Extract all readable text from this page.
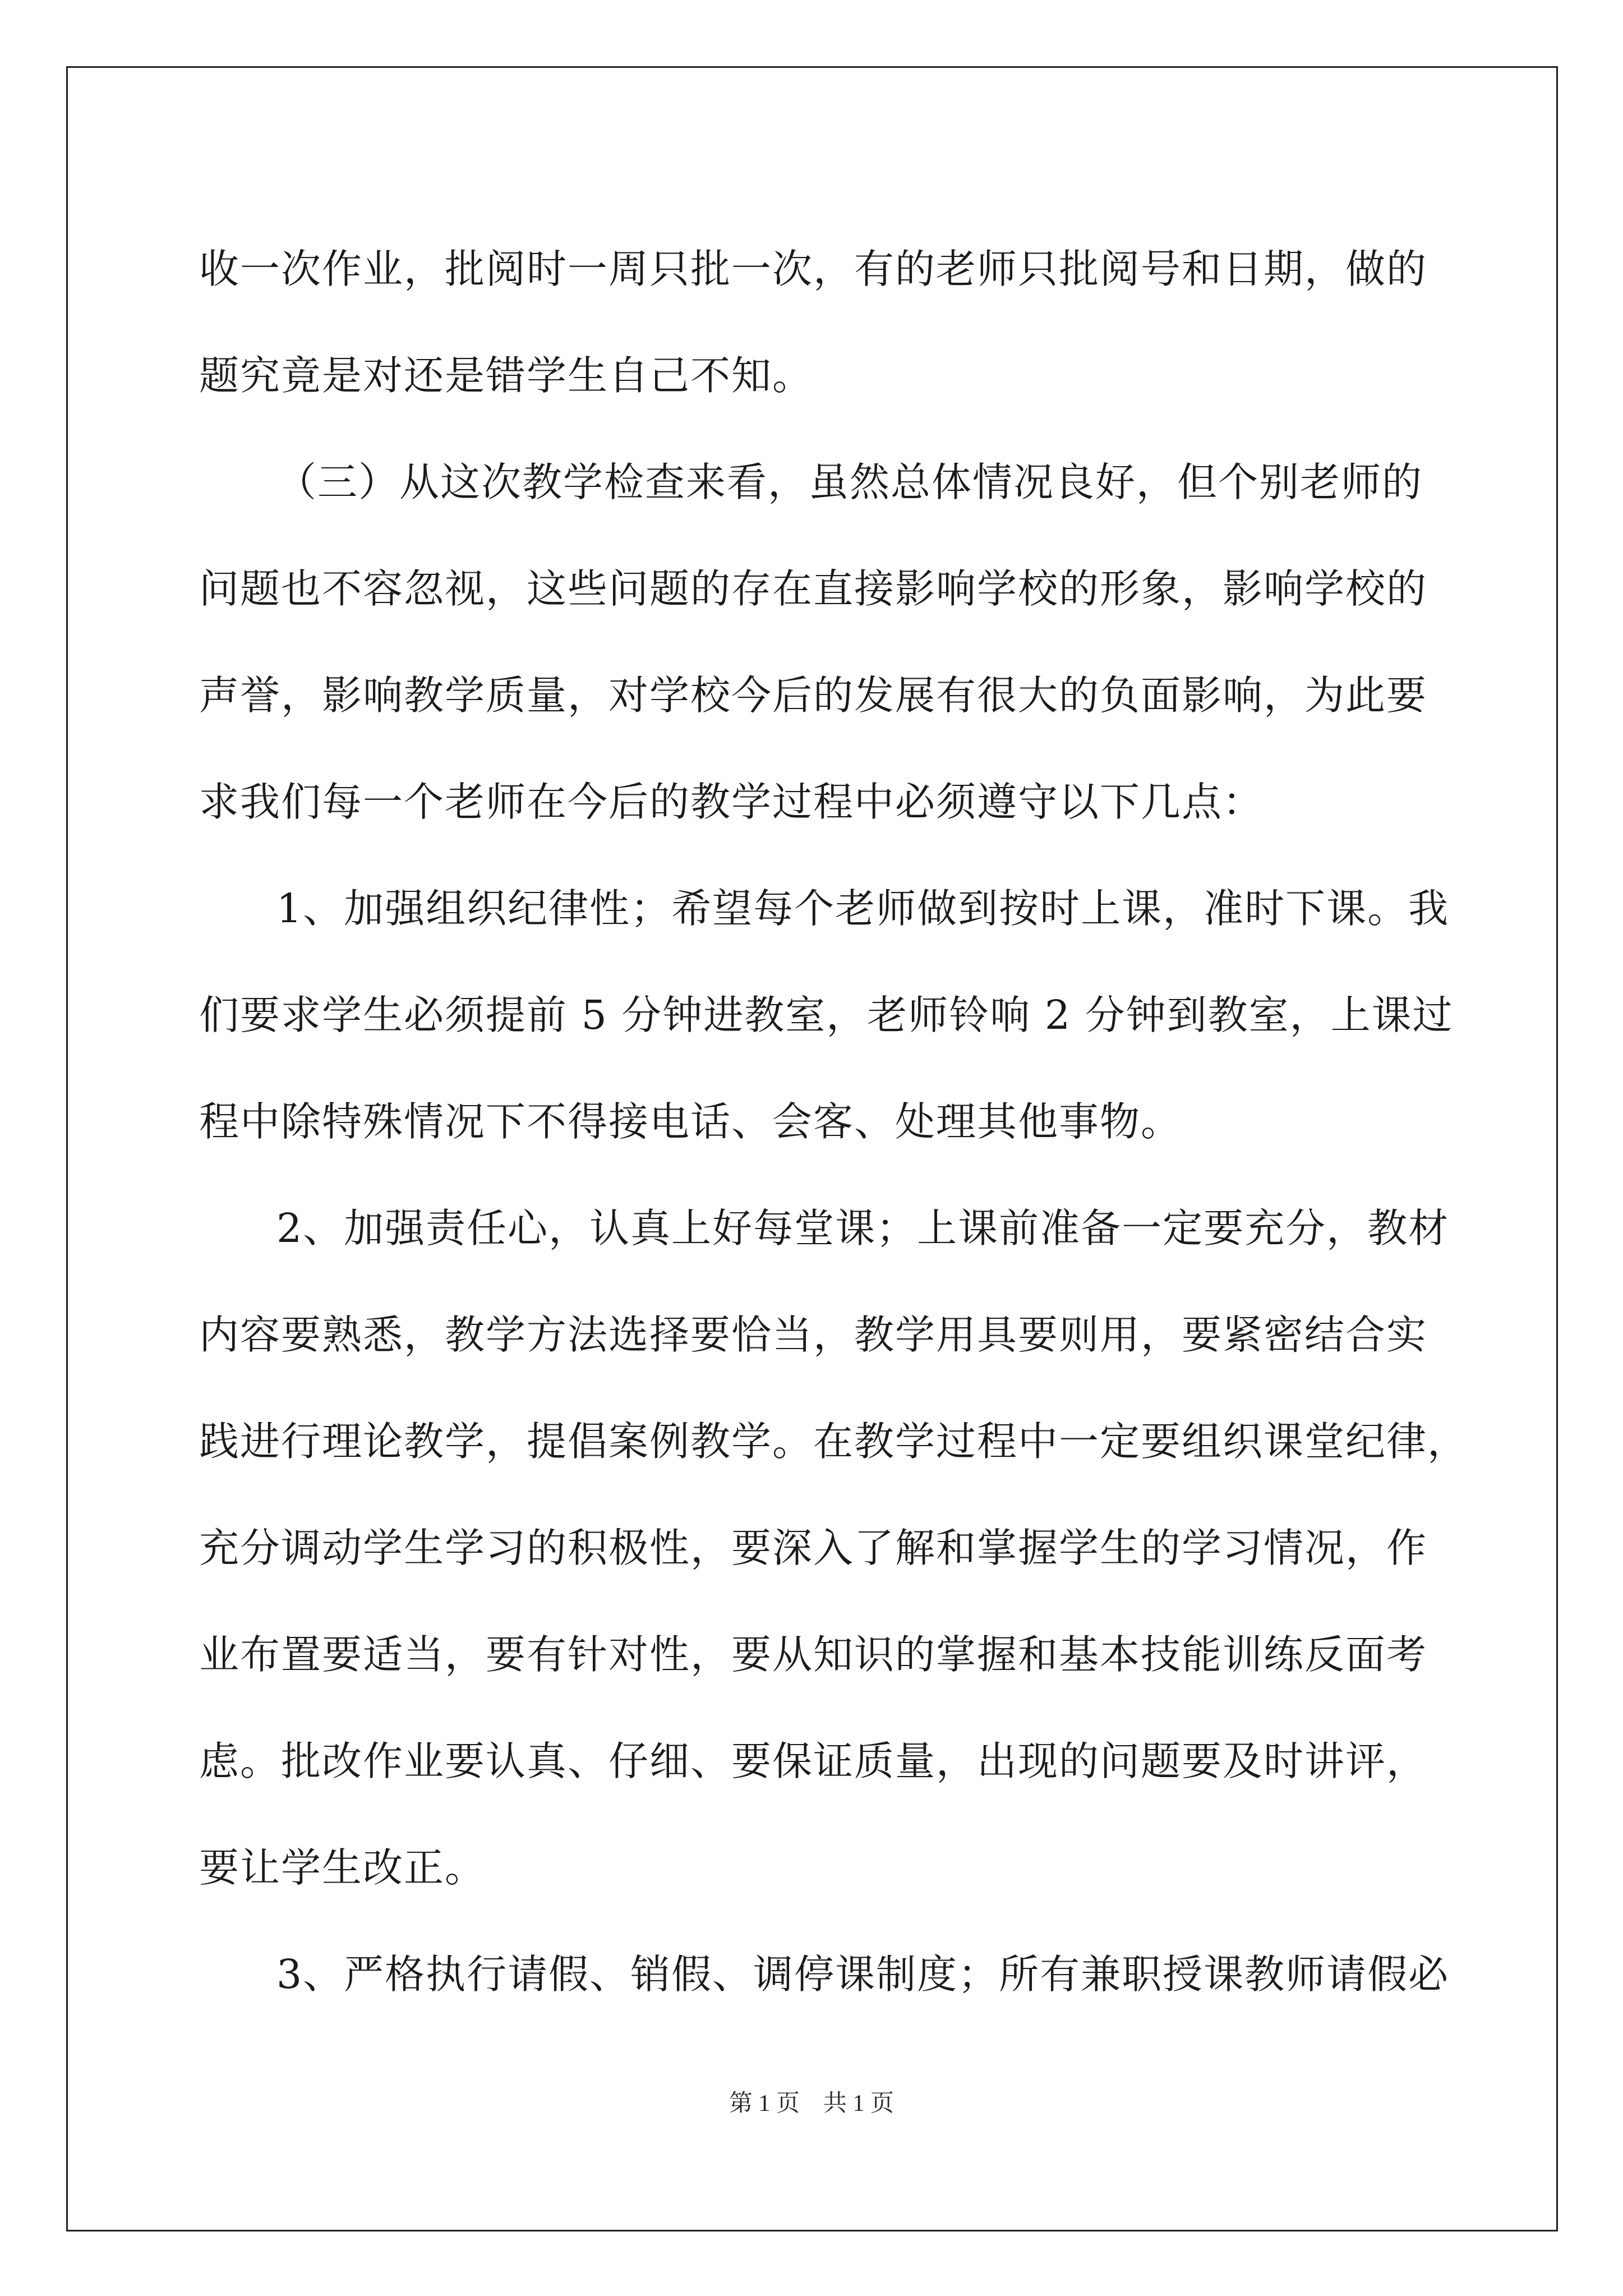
收一次作业，批阅时一周只批一次，有的老师只批阅号和日期，做的
题究竟是对还是错学生自己不知。
（三）从这次教学检查来看，虽然总体情况良好，但个别老师的
问题也不容忽视，这些问题的存在直接影响学校的形象，影响学校的
声誉，影响教学质量，对学校今后的发展有很大的负面影响，为此要
求我们每一个老师在今后的教学过程中必须遵守以下几点：
1、加强组织纪律性；希望每个老师做到按时上课，准时下课。我
们要求学生必须提前 5 分钟进教室，老师铃响 2 分钟到教室，上课过
程中除特殊情况下不得接电话、会客、处理其他事物。
2、加强责任心，认真上好每堂课；上课前准备一定要充分，教材
内容要熟悉，教学方法选择要恰当，教学用具要则用，要紧密结合实
践进行理论教学，提倡案例教学。在教学过程中一定要组织课堂纪律，
充分调动学生学习的积极性，要深入了解和掌握学生的学习情况，作
业布置要适当，要有针对性，要从知识的掌握和基本技能训练反面考
虑。批改作业要认真、仔细、要保证质量，出现的问题要及时讲评，
要让学生改正。
3、严格执行请假、销假、调停课制度；所有兼职授课教师请假必
第 1 页　共 1 页
